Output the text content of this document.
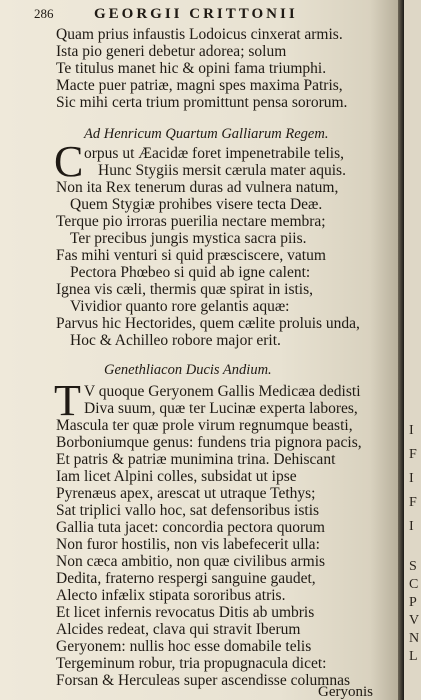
286	GEORGII CRITTONII
Quam prius infaustis Lodoicus cinxerat armis.
Ista pio generi debetur adorea; solum
Te titulus manet hic & opini fama triumphi.
Macte puer patriæ, magni spes maxima Patris,
Sic mihi certa trium promittunt pensa sororum.
Ad Henricum Quartum Galliarum Regem.
C orpus ut Æacidæ foret impenetrabile telis,
Hunc Stygiis mersit cærula mater aquis.
Non ita Rex tenerum duras ad vulnera natum,
Quem Stygiæ prohibes visere tecta Deæ.
Terque pio irroras puerilia nectare membra;
Ter precibus jungis mystica sacra piis.
Fas mihi venturi si quid præsciscere, vatum
Pectora Phœbeo si quid ab igne calent:
Ignea vis cæli, thermis quæ spirat in istis,
Vividior quanto rore gelantis aquæ:
Parvus hic Hectorides, quem cælite proluis unda,
Hoc & Achilleo robore major erit.
Genethliacon Ducis Andium.
T V quoque Geryonem Gallis Medicæa dedisti
Diva suum, quæ ter Lucinæ experta labores,
Mascula ter quæ prole virum regnumque beasti,
Borboniumque genus: fundens tria pignora pacis,
Et patris & patriæ munimina trina. Dehiscant
Iam licet Alpini colles, subsidat ut ipse
Pyrenæus apex, arescat ut utraque Tethys;
Sat triplici vallo hoc, sat defensoribus istis
Gallia tuta jacet: concordia pectora quorum
Non furor hostilis, non vis labefecerit ulla:
Non cæca ambitio, non quæ civilibus armis
Dedita, fraterno respergi sanguine gaudet,
Alecto infælix stipata sororibus atris.
Et licet infernis revocatus Ditis ab umbris
Alcides redeat, clava qui stravit Iberum
Geryonem: nullis hoc esse domabile telis
Tergeminum robur, tria propugnacula dicet:
Forsan & Herculeas super ascendisse columnas
Geryonis
I
F
I
F
I
S
C
P
V
N
L
